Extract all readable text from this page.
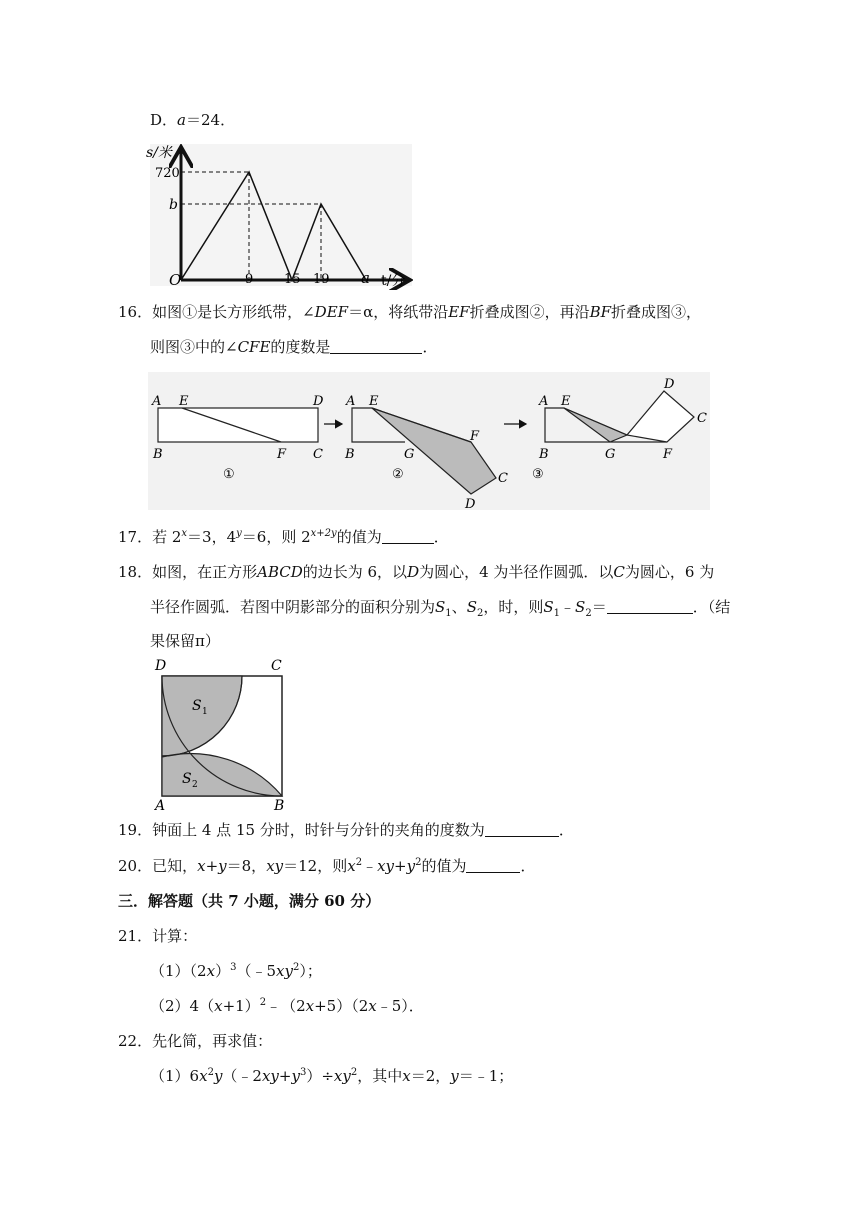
D．a＝24．
s/米
720
b
O	9 15 19 a t/分
16．如图①是长方形纸带，∠DEF＝α，将纸带沿EF折叠成图②，再沿BF折叠成图③，
则图③中的∠CFE的度数是	．
A E	D
B	F C
①
A E
F
C
B	G
D
②
A E
D
C
B	G	F
③
17．若 $2^x=3$，$4^y=6$，则 $2^{x+2y}$的值为	．
18．如图，在正方形ABCD的边长为 6，以D为圆心，4 为半径作圆弧．以C为圆心，6 为
半径作圆弧．若图中阴影部分的面积分别为$S_1$、$S_2$，时，则$S_1﹣S_2=$	．（结
果保留π）
D	C
A	B
S 1
S 2
19．钟面上 4 点 15 分时，时针与分针的夹角的度数为	．
20．已知，x+y＝8，xy＝12，则$x^2﹣xy+y^2$的值为	．
三．解答题（共 7 小题，满分 60 分）
21．计算：
$(1)(2x)^3(﹣5xy^2)$；
$(2)4(x+1)^2﹣(2x+5)(2x﹣5)$．
22．先化简，再求值：
$(1)6x^2y(﹣2xy+y^3)\div xy^2$，其中x＝2，y＝﹣1；
